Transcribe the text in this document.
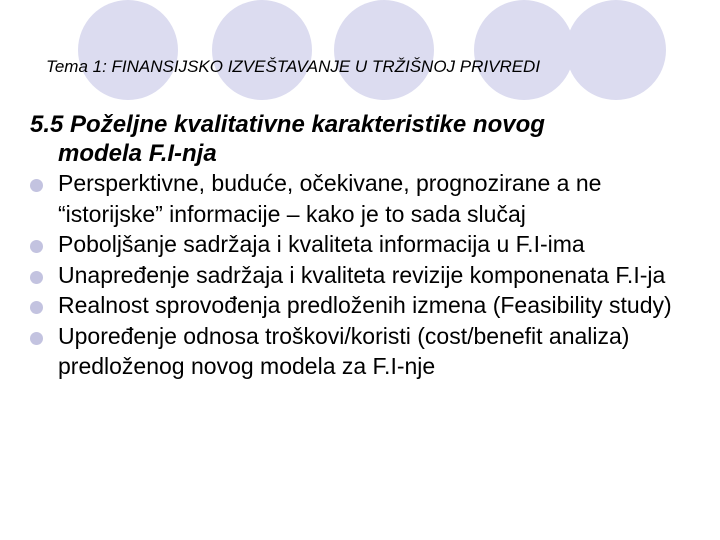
Tema 1: FINANSIJSKO IZVEŠTAVANJE U TRŽIŠNOJ PRIVREDI
5.5 Poželjne kvalitativne karakteristike novog
modela F.I-nja
Persperktivne, buduće, očekivane, prognozirane a ne “istorijske” informacije – kako je to sada slučaj
Poboljšanje sadržaja i kvaliteta informacija u F.I-ima
Unapređenje sadržaja i kvaliteta revizije komponenata F.I-ja
Realnost sprovođenja predloženih izmena (Feasibility study)
Upoređenje odnosa troškovi/koristi (cost/benefit analiza) predloženog novog modela za F.I-nje
